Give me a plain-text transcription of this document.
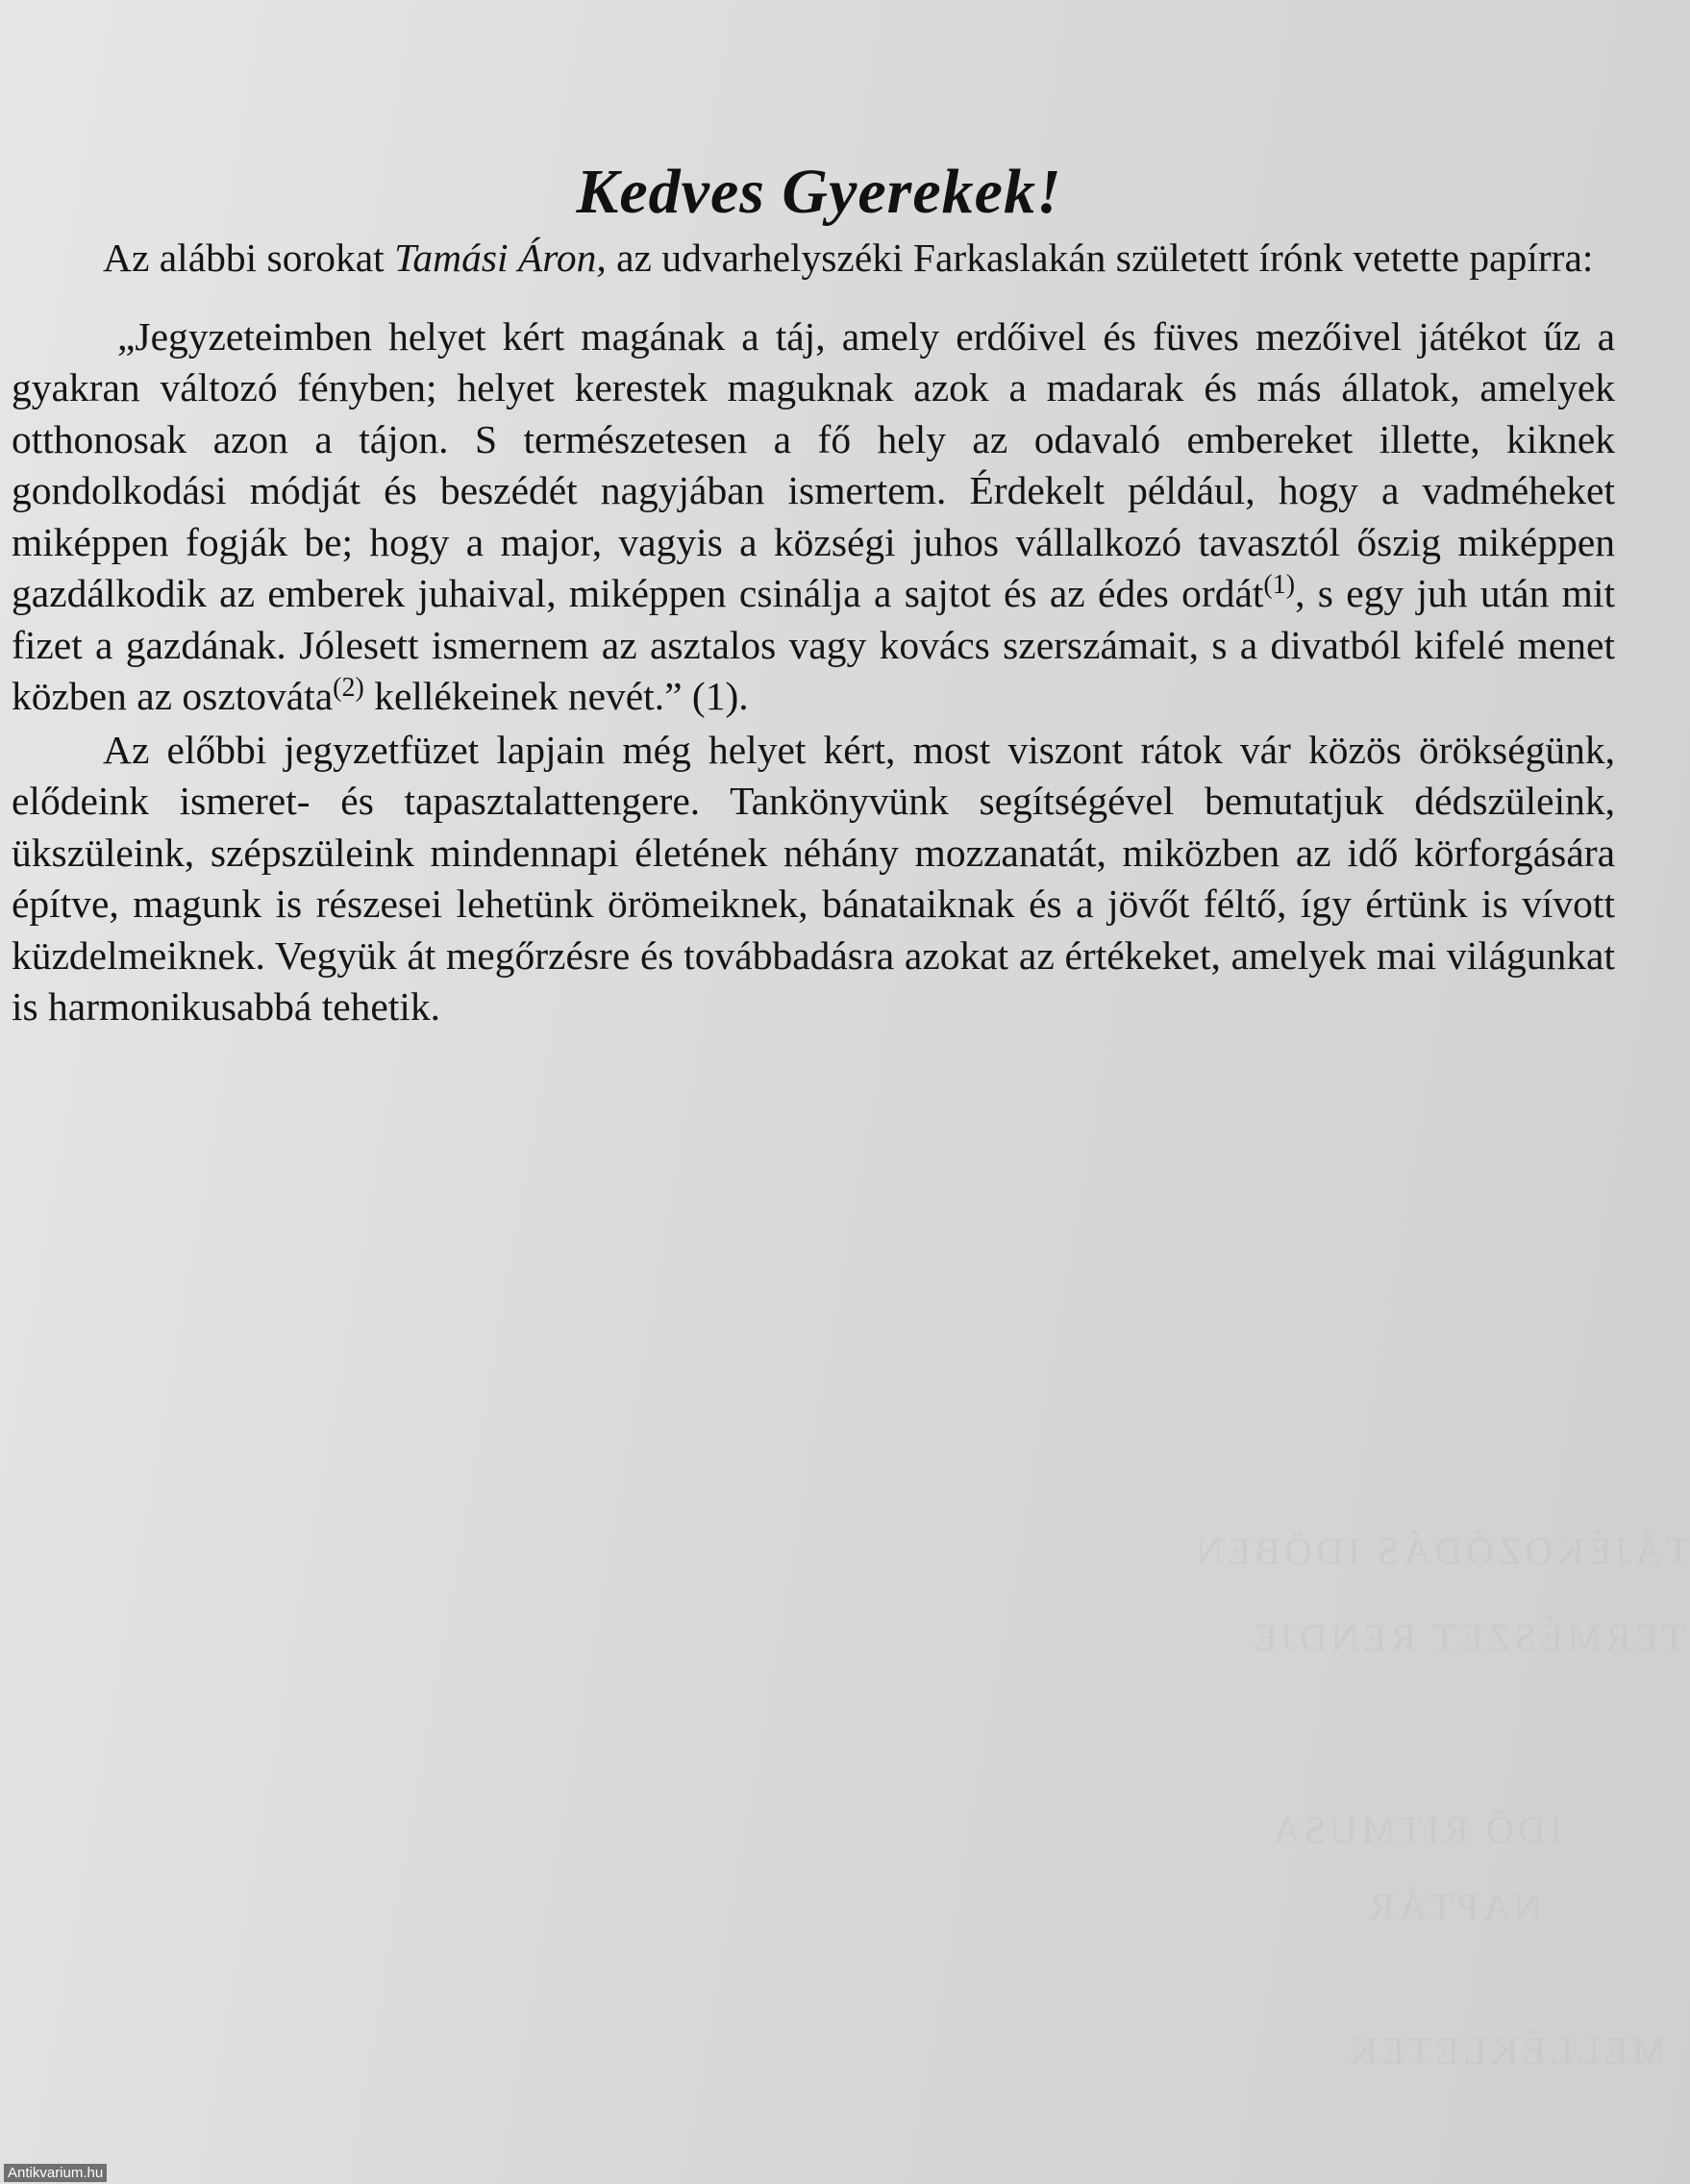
TÁJÉKOZÓDÁS IDŐBEN
TERMÉSZET RENDJE
IDŐ RITMUSA
NAPTÁR
MELLÉKLETEK
Kedves Gyerekek!

Az alábbi sorokat Tamási Áron, az udvarhelyszéki Farkaslakán született írónk vetette papírra:

„Jegyzeteimben helyet kért magának a táj, amely erdőivel és füves mezőivel játékot űz a gyakran változó fényben; helyet kerestek maguknak azok a madarak és más állatok, amelyek otthonosak azon a tájon. S természetesen a fő hely az odavaló embereket illette, kiknek gondolkodási módját és beszédét nagyjában ismertem. Érdekelt például, hogy a vadméheket miképpen fogják be; hogy a major, vagyis a községi juhos vállalkozó tavasztól őszig miképpen gazdálkodik az emberek juhaival, miképpen csinálja a sajtot és az édes ordát$^{(1)}$, s egy juh után mit fizet a gazdának. Jólesett ismernem az asztalos vagy kovács szerszámait, s a divatból kifelé menet közben az osztováta$^{(2)}$ kellékeinek nevét.” (1).

Az előbbi jegyzetfüzet lapjain még helyet kért, most viszont rátok vár közös örökségünk, elődeink ismeret- és tapasztalattengere. Tankönyvünk segítségével bemutatjuk dédszüleink, ükszüleink, szépszüleink mindennapi életének néhány mozzanatát, miközben az idő körforgására építve, magunk is részesei lehetünk örömeiknek, bánataiknak és a jövőt féltő, így értünk is vívott küzdelmeiknek. Vegyük át megőrzésre és továbbadásra azokat az értékeket, amelyek mai világunkat is harmonikusabbá tehetik.

Antikvarium.hu
